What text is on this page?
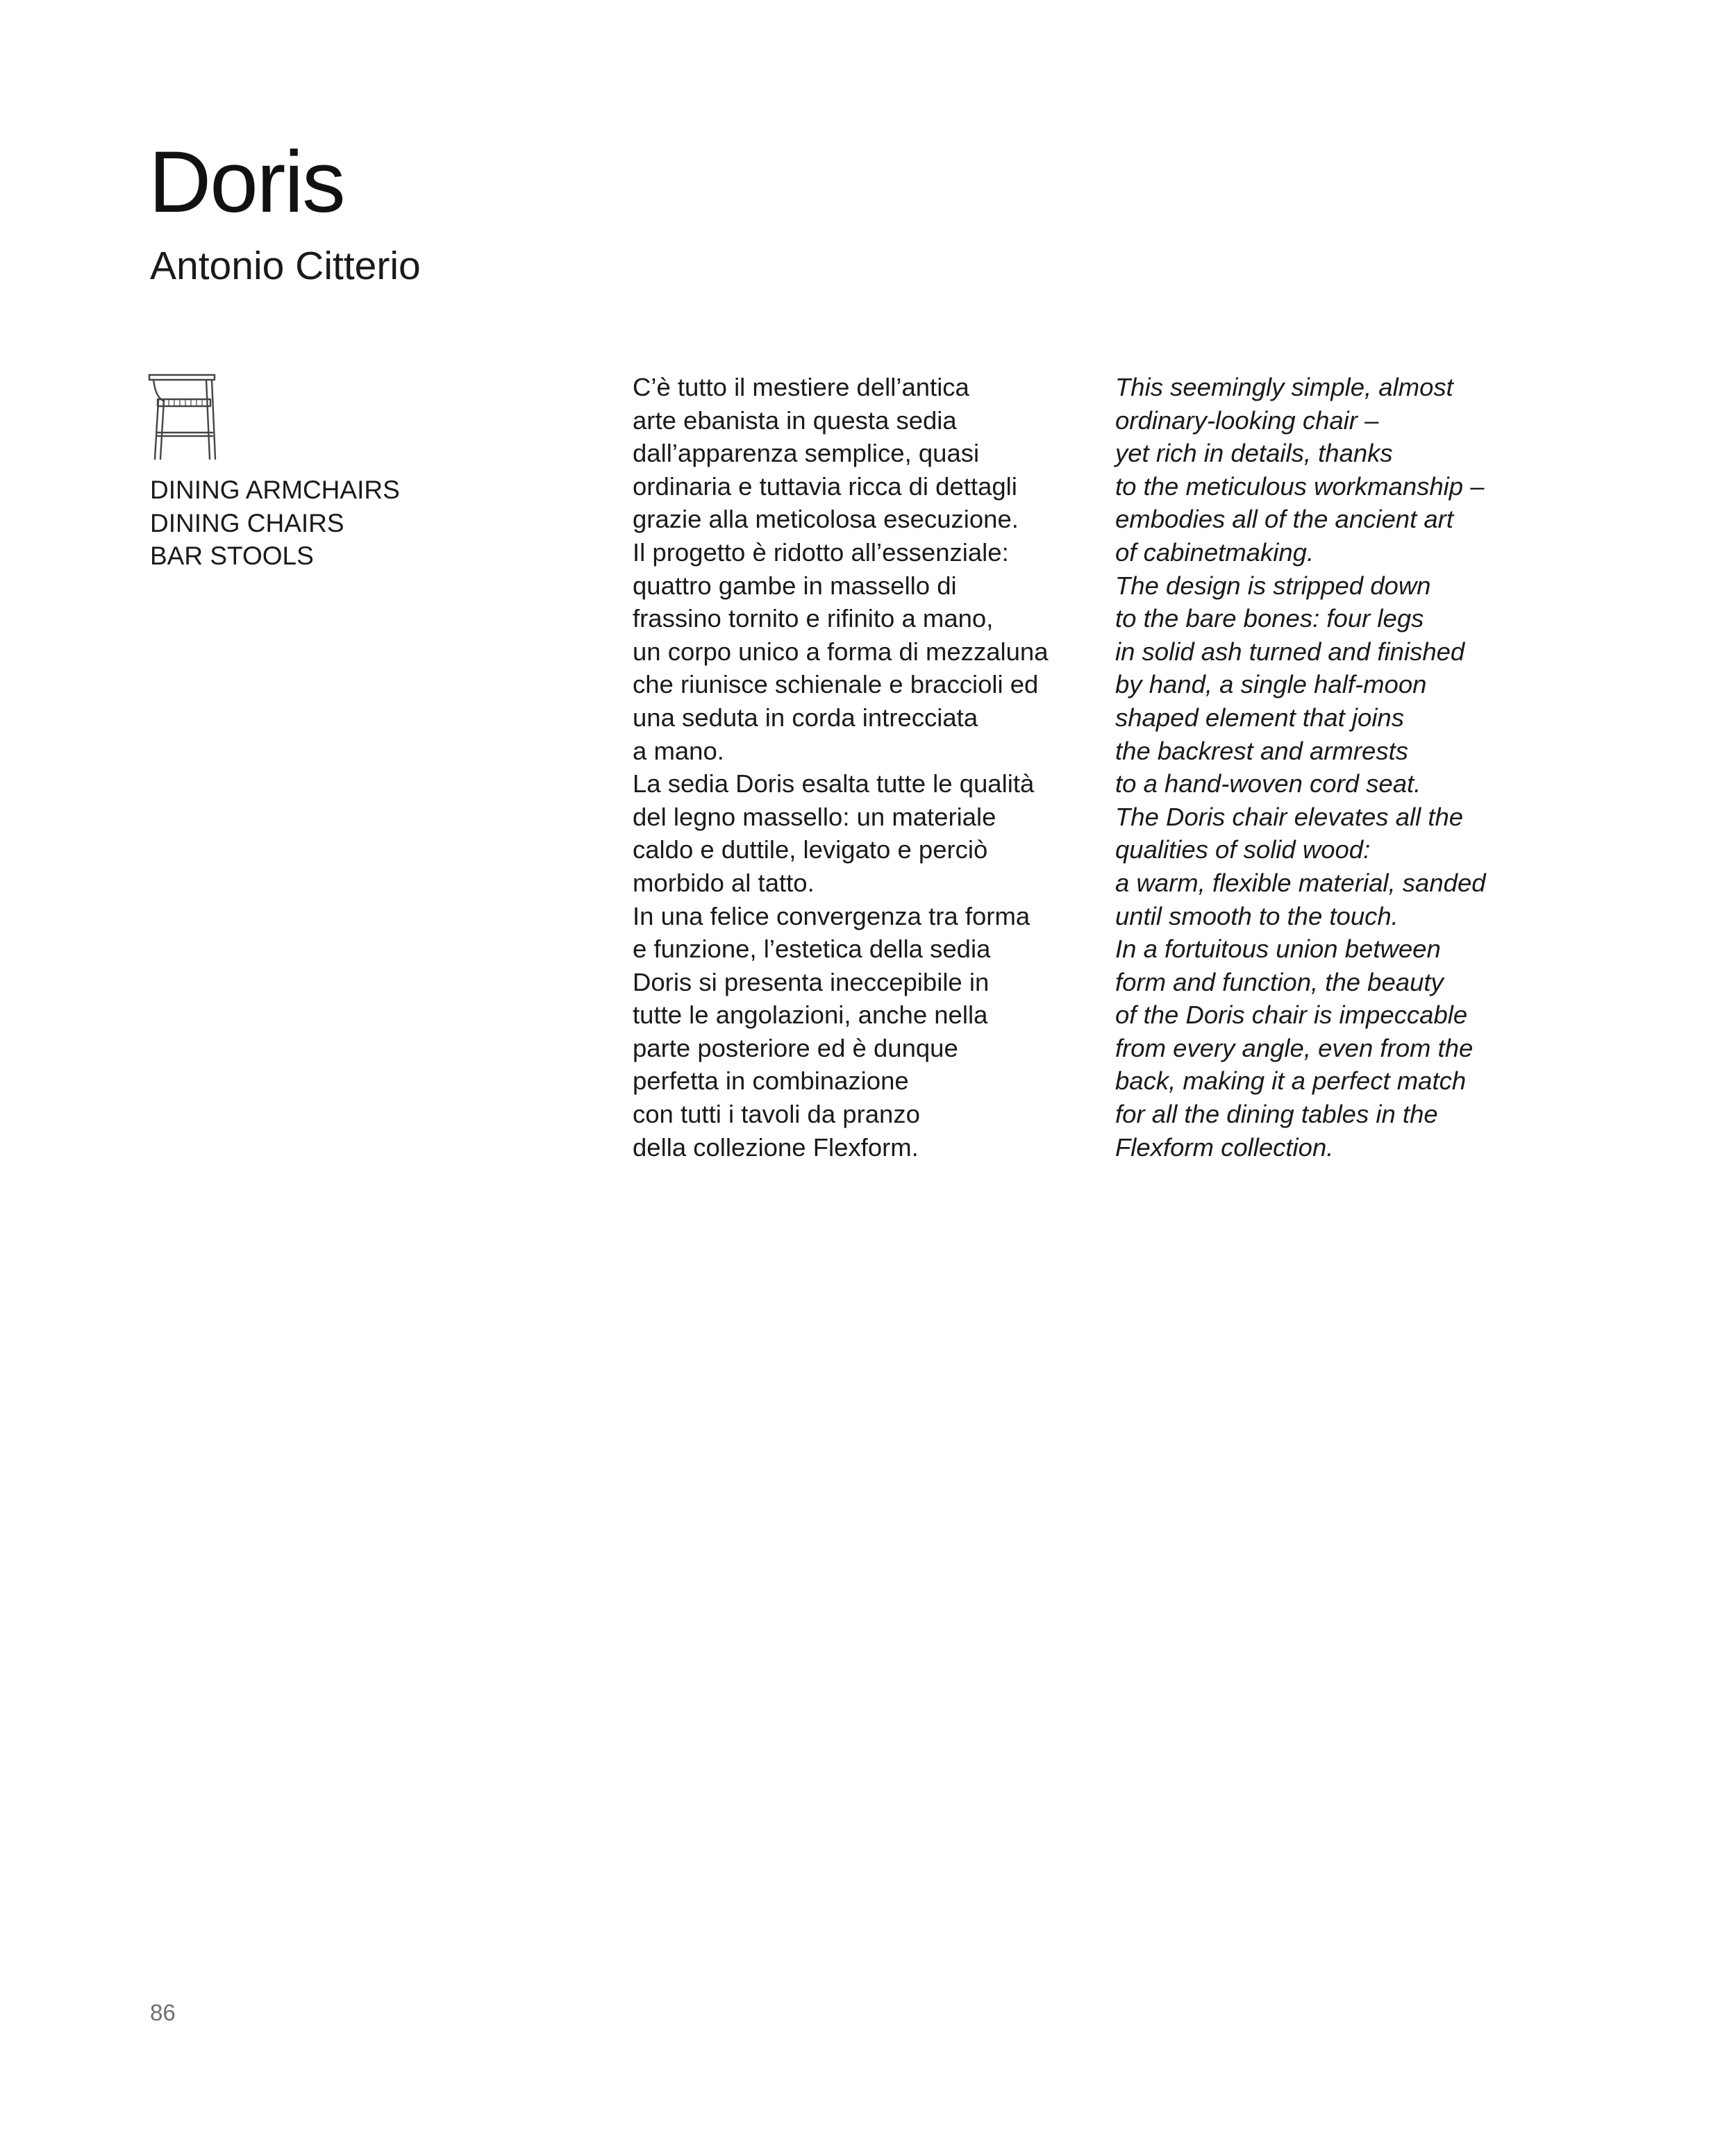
Doris
Antonio Citterio
DINING ARMCHAIRS
DINING CHAIRS
BAR STOOLS

C’è tutto il mestiere dell’antica
arte ebanista in questa sedia
dall’apparenza semplice, quasi
ordinaria e tuttavia ricca di dettagli
grazie alla meticolosa esecuzione.
Il progetto è ridotto all’essenziale:
quattro gambe in massello di
frassino tornito e rifinito a mano,
un corpo unico a forma di mezzaluna
che riunisce schienale e braccioli ed
una seduta in corda intrecciata
a mano.
La sedia Doris esalta tutte le qualità
del legno massello: un materiale
caldo e duttile, levigato e perciò
morbido al tatto.
In una felice convergenza tra forma
e funzione, l’estetica della sedia
Doris si presenta ineccepibile in
tutte le angolazioni, anche nella
parte posteriore ed è dunque
perfetta in combinazione
con tutti i tavoli da pranzo
della collezione Flexform.

This seemingly simple, almost
ordinary-looking chair –
yet rich in details, thanks
to the meticulous workmanship –
embodies all of the ancient art
of cabinetmaking.
The design is stripped down
to the bare bones: four legs
in solid ash turned and finished
by hand, a single half-moon
shaped element that joins
the backrest and armrests
to a hand-woven cord seat.
The Doris chair elevates all the
qualities of solid wood:
a warm, flexible material, sanded
until smooth to the touch.
In a fortuitous union between
form and function, the beauty
of the Doris chair is impeccable
from every angle, even from the
back, making it a perfect match
for all the dining tables in the
Flexform collection.

86
